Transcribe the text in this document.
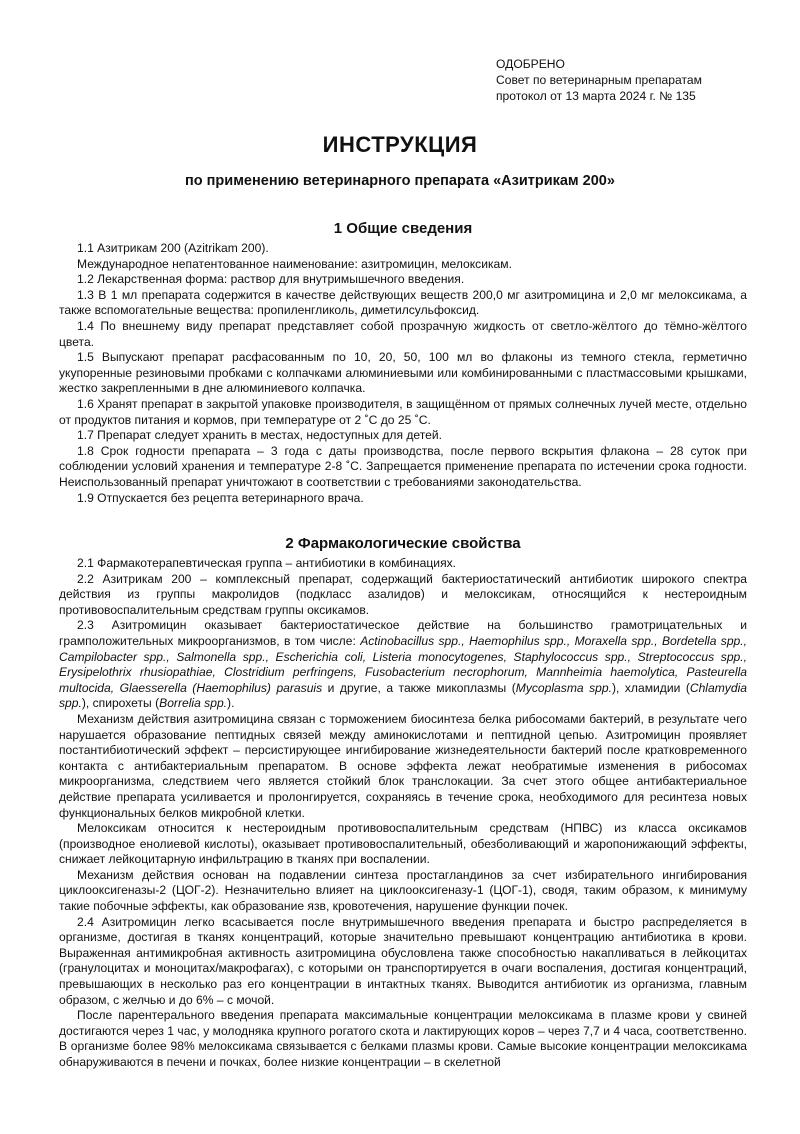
ОДОБРЕНО
Совет по ветеринарным препаратам
протокол от 13 марта 2024 г. № 135
ИНСТРУКЦИЯ
по применению ветеринарного препарата «Азитрикам 200»
1 Общие сведения

1.1 Азитрикам 200 (Azitrikam 200).

Международное непатентованное наименование: азитромицин, мелоксикам.

1.2 Лекарственная форма: раствор для внутримышечного введения.

1.3 В 1 мл препарата содержится в качестве действующих веществ 200,0 мг азитромицина и 2,0 мг мелоксикама, а также вспомогательные вещества: пропиленгликоль, диметилсульфоксид.

1.4 По внешнему виду препарат представляет собой прозрачную жидкость от светло-жёлтого до тёмно-жёлтого цвета.

1.5 Выпускают препарат расфасованным по 10, 20, 50, 100 мл во флаконы из темного стекла, герметично укупоренные резиновыми пробками с колпачками алюминиевыми или комбинированными с пластмассовыми крышками, жестко закрепленными в дне алюминиевого колпачка.

1.6 Хранят препарат в закрытой упаковке производителя, в защищённом от прямых солнечных лучей месте, отдельно от продуктов питания и кормов, при температуре от 2 ˚С до 25 ˚С.

1.7 Препарат следует хранить в местах, недоступных для детей.

1.8 Срок годности препарата – 3 года с даты производства, после первого вскрытия флакона – 28 суток при соблюдении условий хранения и температуре 2-8 ˚С. Запрещается применение препарата по истечении срока годности. Неиспользованный препарат уничтожают в соответствии с требованиями законодательства.

1.9 Отпускается без рецепта ветеринарного врача.

2 Фармакологические свойства

2.1 Фармакотерапевтическая группа – антибиотики в комбинациях.

2.2 Азитрикам 200 – комплексный препарат, содержащий бактериостатический антибиотик широкого спектра действия из группы макролидов (подкласс азалидов) и мелоксикам, относящийся к нестероидным противовоспалительным средствам группы оксикамов.

2.3 Азитромицин оказывает бактериостатическое действие на большинство грамотрицательных и грамположительных микроорганизмов, в том числе: Actinobacillus spp., Haemophilus spp., Moraxella spp., Bordetella spp., Campilobacter spp., Salmonella spp., Escherichia coli, Listeria monocytogenes, Staphylococcus spp., Streptococcus spp., Erysipelothrix rhusiopathiae, Clostridium perfringens, Fusobacterium necrophorum, Mannheimia haemolytica, Pasteurella multocida, Glaesserella (Haemophilus) parasuis и другие, а также микоплазмы (Mycoplasma spp.), хламидии (Chlamydia spp.), спирохеты (Borrelia spp.).

Механизм действия азитромицина связан с торможением биосинтеза белка рибосомами бактерий, в результате чего нарушается образование пептидных связей между аминокислотами и пептидной цепью. Азитромицин проявляет постантибиотический эффект – персистирующее ингибирование жизнедеятельности бактерий после кратковременного контакта с антибактериальным препаратом. В основе эффекта лежат необратимые изменения в рибосомах микроорганизма, следствием чего является стойкий блок транслокации. За счет этого общее антибактериальное действие препарата усиливается и пролонгируется, сохраняясь в течение срока, необходимого для ресинтеза новых функциональных белков микробной клетки.

Мелоксикам относится к нестероидным противовоспалительным средствам (НПВС) из класса оксикамов (производное енолиевой кислоты), оказывает противовоспалительный, обезболивающий и жаропонижающий эффекты, снижает лейкоцитарную инфильтрацию в тканях при воспалении.

Механизм действия основан на подавлении синтеза простагландинов за счет избирательного ингибирования циклооксигеназы-2 (ЦОГ-2). Незначительно влияет на циклооксигеназу-1 (ЦОГ-1), сводя, таким образом, к минимуму такие побочные эффекты, как образование язв, кровотечения, нарушение функции почек.

2.4 Азитромицин легко всасывается после внутримышечного введения препарата и быстро распределяется в организме, достигая в тканях концентраций, которые значительно превышают концентрацию антибиотика в крови. Выраженная антимикробная активность азитромицина обусловлена также способностью накапливаться в лейкоцитах (гранулоцитах и моноцитах/макрофагах), с которыми он транспортируется в очаги воспаления, достигая концентраций, превышающих в несколько раз его концентрации в интактных тканях. Выводится антибиотик из организма, главным образом, с желчью и до 6% – с мочой.

После парентерального введения препарата максимальные концентрации мелоксикама в плазме крови у свиней достигаются через 1 час, у молодняка крупного рогатого скота и лактирующих коров – через 7,7 и 4 часа, соответственно. В организме более 98% мелоксикама связывается с белками плазмы крови. Самые высокие концентрации мелоксикама обнаруживаются в печени и почках, более низкие концентрации – в скелетной
